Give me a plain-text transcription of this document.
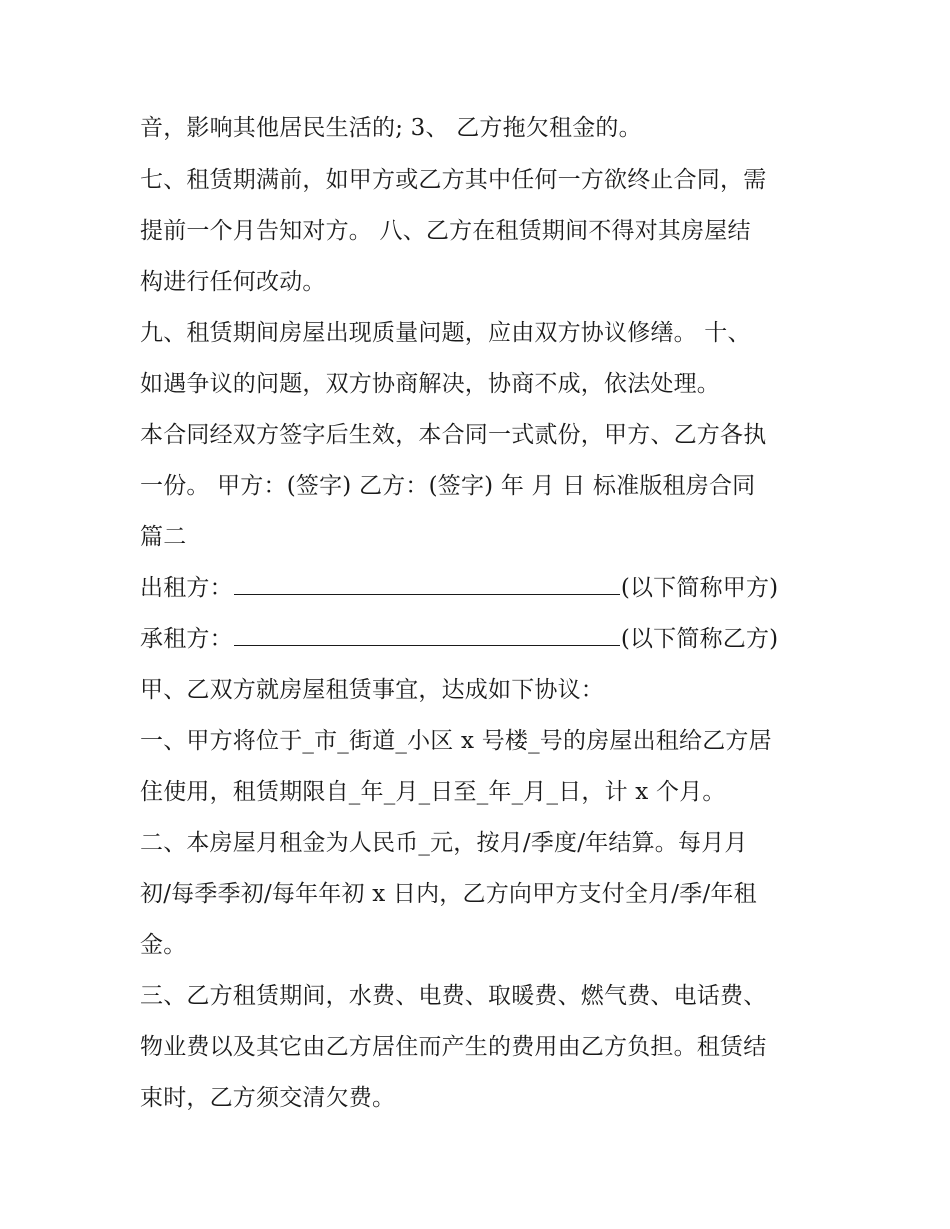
音，影响其他居民生活的; 3、 乙方拖欠租金的。
七、租赁期满前，如甲方或乙方其中任何一方欲终止合同，需
提前一个月告知对方。 八、乙方在租赁期间不得对其房屋结
构进行任何改动。
九、租赁期间房屋出现质量问题，应由双方协议修缮。 十、
如遇争议的问题，双方协商解决，协商不成，依法处理。
本合同经双方签字后生效，本合同一式贰份，甲方、乙方各执
一份。 甲方：(签字) 乙方：(签字) 年 月 日 标准版租房合同
篇二
出租方：	(以下简称甲方)
承租方：	(以下简称乙方)
甲、乙双方就房屋租赁事宜，达成如下协议：
一、甲方将位于_市_街道_小区 x 号楼_号的房屋出租给乙方居
住使用，租赁期限自_年_月_日至_年_月_日，计 x 个月。
二、本房屋月租金为人民币_元，按月/季度/年结算。每月月
初/每季季初/每年年初 x 日内，乙方向甲方支付全月/季/年租
金。
三、乙方租赁期间，水费、电费、取暖费、燃气费、电话费、
物业费以及其它由乙方居住而产生的费用由乙方负担。租赁结
束时，乙方须交清欠费。
